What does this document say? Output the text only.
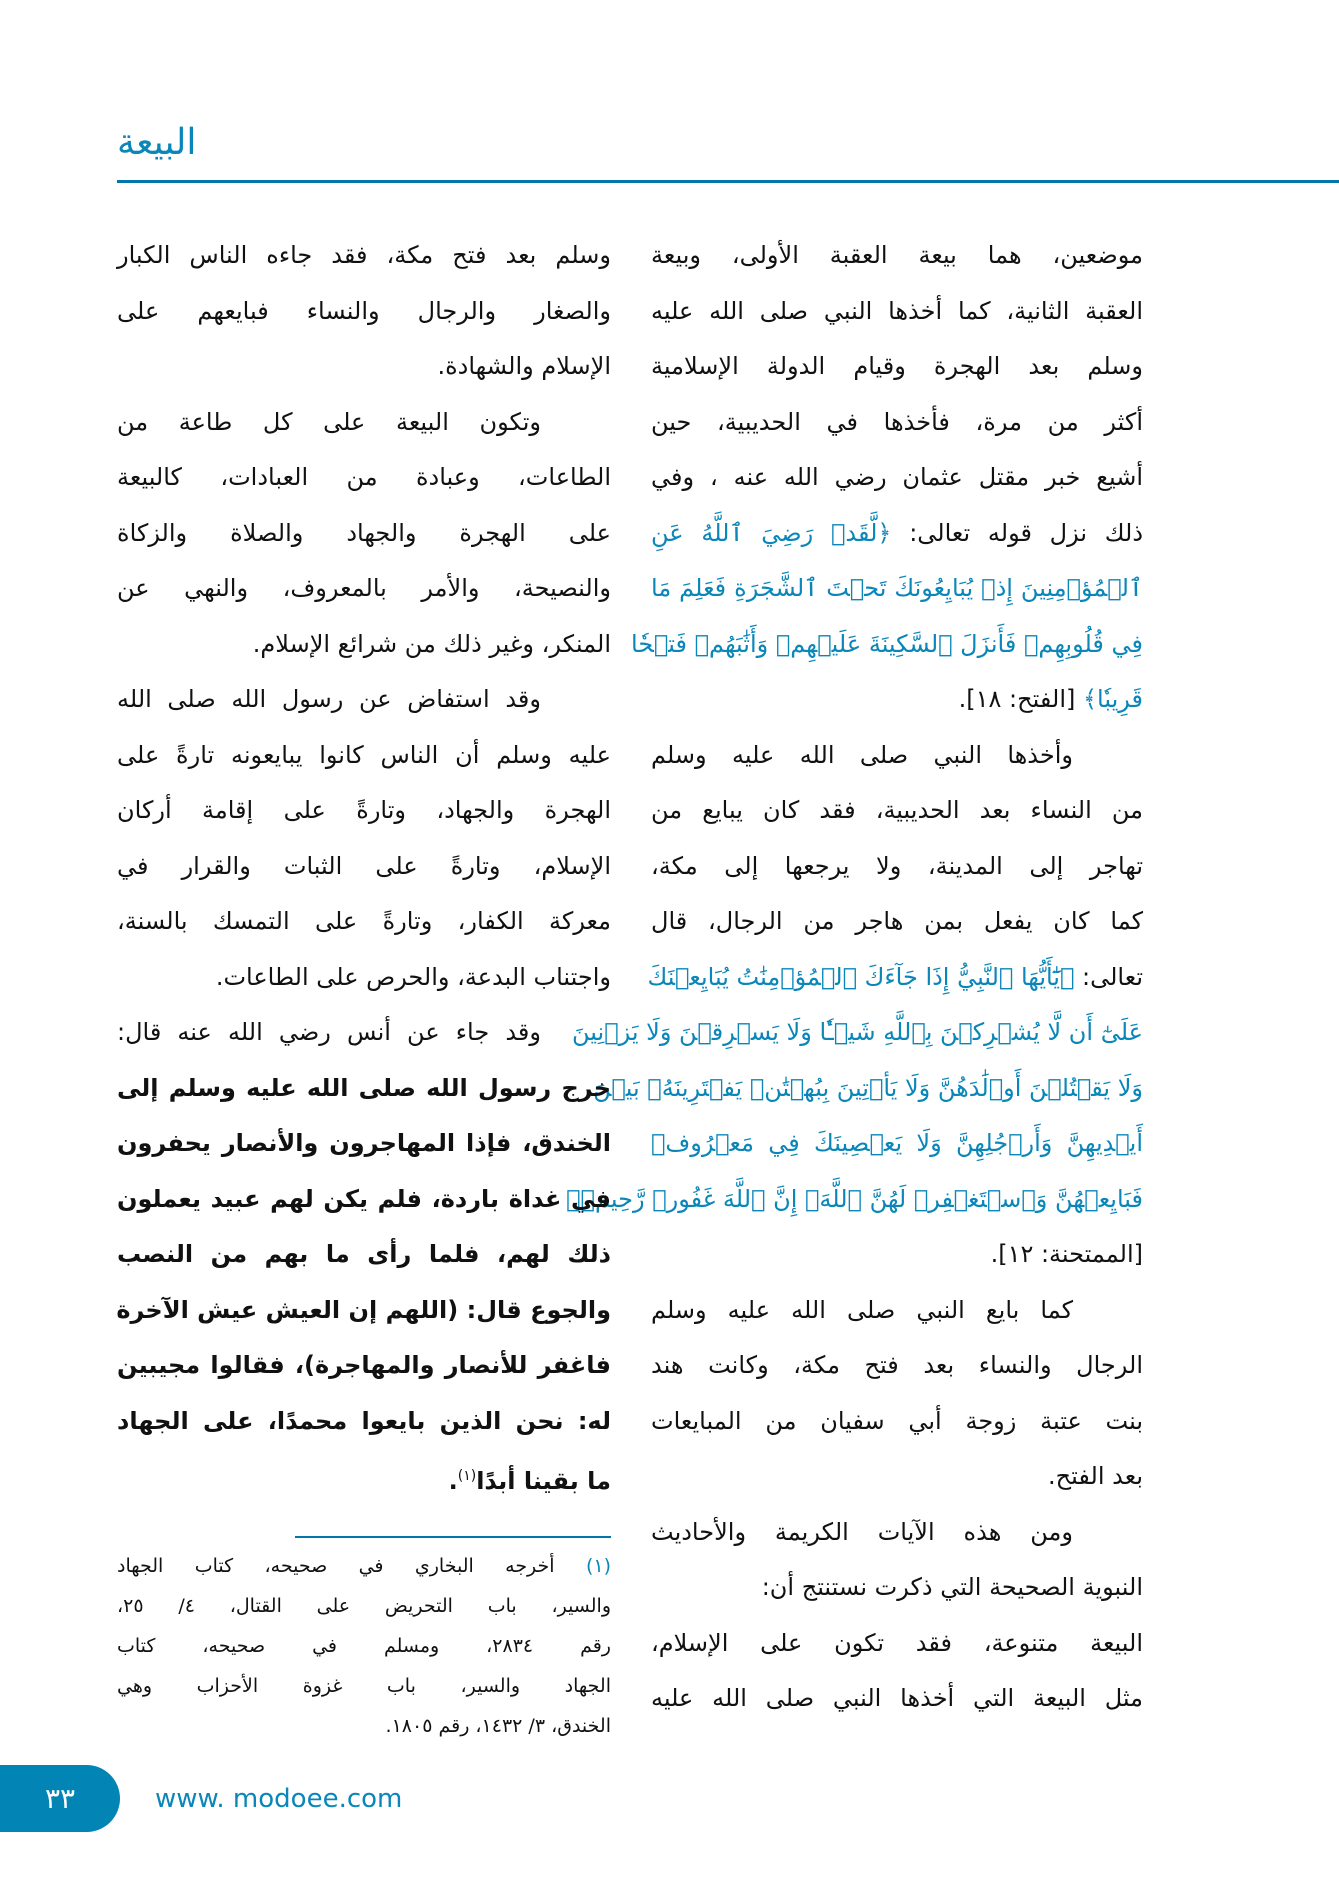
البيعة
موضعين، هما بيعة العقبة الأولى، وبيعة
العقبة الثانية، كما أخذها النبي صلى الله عليه
وسلم بعد الهجرة وقيام الدولة الإسلامية
أكثر من مرة، فأخذها في الحديبية، حين
أشيع خبر مقتل عثمان رضي الله عنه ، وفي
ذلك نزل قوله تعالى: ﴿لَّقَدۡ رَضِيَ ٱللَّهُ عَنِ
ٱلۡمُؤۡمِنِينَ إِذۡ يُبَايِعُونَكَ تَحۡتَ ٱلشَّجَرَةِ فَعَلِمَ مَا
فِي قُلُوبِهِمۡ فَأَنزَلَ ٱلسَّكِينَةَ عَلَيۡهِمۡ وَأَثَٰبَهُمۡ فَتۡحٗا
قَرِيبٗا﴾ [الفتح: ١٨].
وأخذها النبي صلى الله عليه وسلم
من النساء بعد الحديبية، فقد كان يبايع من
تهاجر إلى المدينة، ولا يرجعها إلى مكة،
كما كان يفعل بمن هاجر من الرجال، قال
تعالى: ﴿يَٰٓأَيُّهَا ٱلنَّبِيُّ إِذَا جَآءَكَ ٱلۡمُؤۡمِنَٰتُ يُبَايِعۡنَكَ
عَلَىٰٓ أَن لَّا يُشۡرِكۡنَ بِٱللَّهِ شَيۡـٔٗا وَلَا يَسۡرِقۡنَ وَلَا يَزۡنِينَ
وَلَا يَقۡتُلۡنَ أَوۡلَٰدَهُنَّ وَلَا يَأۡتِينَ بِبُهۡتَٰنٖ يَفۡتَرِينَهُۥ بَيۡنَ
أَيۡدِيهِنَّ وَأَرۡجُلِهِنَّ وَلَا يَعۡصِينَكَ فِي مَعۡرُوفٖ
فَبَايِعۡهُنَّ وَٱسۡتَغۡفِرۡ لَهُنَّ ٱللَّهَۚ إِنَّ ٱللَّهَ غَفُورٞ رَّحِيمٞ﴾
[الممتحنة: ١٢].
كما بايع النبي صلى الله عليه وسلم
الرجال والنساء بعد فتح مكة، وكانت هند
بنت عتبة زوجة أبي سفيان من المبايعات
بعد الفتح.
ومن هذه الآيات الكريمة والأحاديث
النبوية الصحيحة التي ذكرت نستنتج أن:
البيعة متنوعة، فقد تكون على الإسلام،
مثل البيعة التي أخذها النبي صلى الله عليه
وسلم بعد فتح مكة، فقد جاءه الناس الكبار
والصغار والرجال والنساء فبايعهم على
الإسلام والشهادة.
وتكون البيعة على كل طاعة من
الطاعات، وعبادة من العبادات، كالبيعة
على الهجرة والجهاد والصلاة والزكاة
والنصيحة، والأمر بالمعروف، والنهي عن
المنكر، وغير ذلك من شرائع الإسلام.
وقد استفاض عن رسول الله صلى الله
عليه وسلم أن الناس كانوا يبايعونه تارةً على
الهجرة والجهاد، وتارةً على إقامة أركان
الإسلام، وتارةً على الثبات والقرار في
معركة الكفار، وتارةً على التمسك بالسنة،
واجتناب البدعة، والحرص على الطاعات.
وقد جاء عن أنس رضي الله عنه قال:
خرج رسول الله صلى الله عليه وسلم إلى
الخندق، فإذا المهاجرون والأنصار يحفرون
في غداة باردة، فلم يكن لهم عبيد يعملون
ذلك لهم، فلما رأى ما بهم من النصب
والجوع قال: (اللهم إن العيش عيش الآخرة
فاغفر للأنصار والمهاجرة)، فقالوا مجيبين
له: نحن الذين بايعوا محمدًا، على الجهاد
ما بقينا أبدًا$^{(١)}$.
(١) أخرجه البخاري في صحيحه، كتاب الجهاد
والسير، باب التحريض على القتال، ٤/ ٢٥،
رقم ٢٨٣٤، ومسلم في صحيحه، كتاب
الجهاد والسير، باب غزوة الأحزاب وهي
الخندق، ٣/ ١٤٣٢، رقم ١٨٠٥.
٣٣	www. modoee.com
